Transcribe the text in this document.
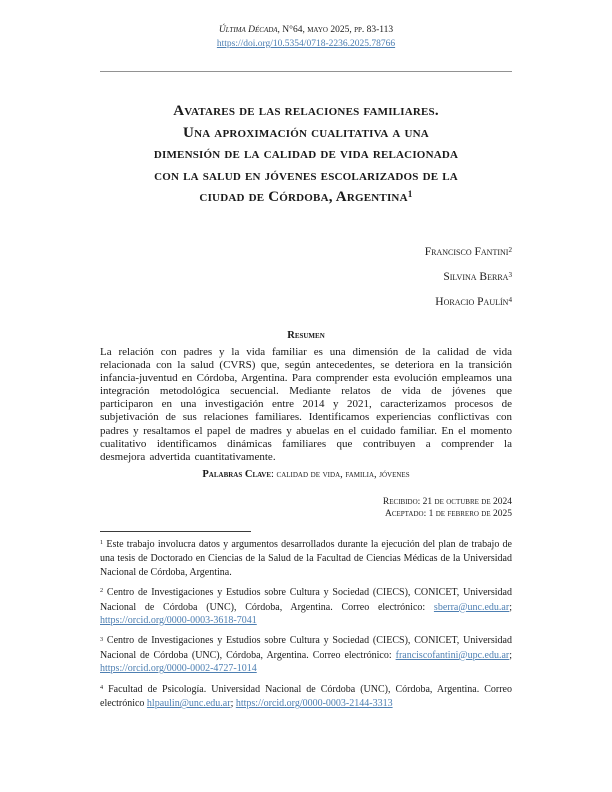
Última Década, N°64, mayo 2025, pp. 83-113
https://doi.org/10.5354/0718-2236.2025.78766
Avatares de las relaciones familiares.
Una aproximación cualitativa a una
dimensión de la calidad de vida relacionada
con la salud en jóvenes escolarizados de la
ciudad de Córdoba, Argentina$^1$
Francisco Fantini$^2$
Silvina Berra$^3$
Horacio Paulín$^4$
Resumen
La relación con padres y la vida familiar es una dimensión de la calidad de vida relacionada con la salud (CVRS) que, según antecedentes, se deteriora en la transición infancia-juventud en Córdoba, Argentina. Para comprender esta evolución empleamos una integración metodológica secuencial. Mediante relatos de vida de jóvenes que participaron en una investigación entre 2014 y 2021, caracterizamos procesos de subjetivación de sus relaciones familiares. Identificamos experiencias conflictivas con padres y resaltamos el papel de madres y abuelas en el cuidado familiar. En el momento cualitativo identificamos dinámicas familiares que contribuyen a comprender la desmejora advertida cuantitativamente.
Palabras Clave: calidad de vida, familia, jóvenes
Recibido: 21 de octubre de 2024
Aceptado: 1 de febrero de 2025

$^1$ Este trabajo involucra datos y argumentos desarrollados durante la ejecución del plan de trabajo de una tesis de Doctorado en Ciencias de la Salud de la Facultad de Ciencias Médicas de la Universidad Nacional de Córdoba, Argentina.

$^2$ Centro de Investigaciones y Estudios sobre Cultura y Sociedad (CIECS), CONICET, Universidad Nacional de Córdoba (UNC), Córdoba, Argentina. Correo electrónico: sberra@unc.edu.ar; https://orcid.org/0000-0003-3618-7041

$^3$ Centro de Investigaciones y Estudios sobre Cultura y Sociedad (CIECS), CONICET, Universidad Nacional de Córdoba (UNC), Córdoba, Argentina. Correo electrónico: franciscofantini@upc.edu.ar; https://orcid.org/0000-0002-4727-1014

$^4$ Facultad de Psicología. Universidad Nacional de Córdoba (UNC), Córdoba, Argentina. Correo electrónico hlpaulin@unc.edu.ar; https://orcid.org/0000-0003-2144-3313
